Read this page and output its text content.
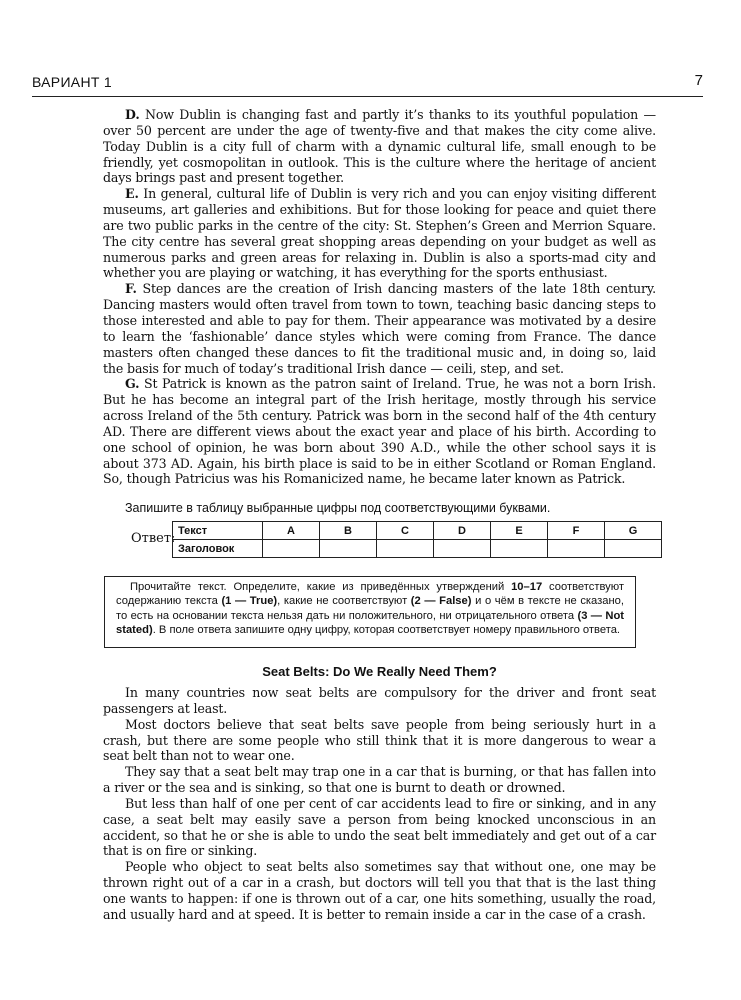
ВАРИАНТ 1	7

D. Now Dublin is changing fast and partly it’s thanks to its youthful population — over 50 percent are under the age of twenty-five and that makes the city come alive. Today Dublin is a city full of charm with a dynamic cultural life, small enough to be friendly, yet cosmopolitan in outlook. This is the culture where the heritage of ancient days brings past and present together.

E. In general, cultural life of Dublin is very rich and you can enjoy visiting different museums, art galleries and exhibitions. But for those looking for peace and quiet there are two public parks in the centre of the city: St. Stephen’s Green and Merrion Square. The city centre has several great shopping areas depending on your budget as well as numerous parks and green areas for relaxing in. Dublin is also a sports-mad city and whether you are playing or watching, it has everything for the sports enthusiast.

F. Step dances are the creation of Irish dancing masters of the late 18th century. Dancing masters would often travel from town to town, teaching basic dancing steps to those interested and able to pay for them. Their appearance was motivated by a desire to learn the ‘fashionable’ dance styles which were coming from France. The dance masters often changed these dances to fit the traditional music and, in doing so, laid the basis for much of today’s traditional Irish dance — ceili, step, and set.

G. St Patrick is known as the patron saint of Ireland. True, he was not a born Irish. But he has become an integral part of the Irish heritage, mostly through his service across Ireland of the 5th century. Patrick was born in the second half of the 4th century AD. There are different views about the exact year and place of his birth. According to one school of opinion, he was born about 390 A.D., while the other school says it is about 373 AD. Again, his birth place is said to be in either Scotland or Roman England. So, though Patricius was his Romanicized name, he became later known as Patrick.

Запишите в таблицу выбранные цифры под соответствующими буквами.
Ответ:
Текст	A	B	C	D	E	F	G
Заголовок							

Прочитайте текст. Определите, какие из приведённых утверждений 10–17 соответствуют содержанию текста (1 — True), какие не соответствуют (2 — False) и о чём в тексте не сказано, то есть на основании текста нельзя дать ни положительного, ни отрицательного ответа (3 — Not stated). В поле ответа запишите одну цифру, которая соответствует номеру правильного ответа.

Seat Belts: Do We Really Need Them?

In many countries now seat belts are compulsory for the driver and front seat passengers at least.

Most doctors believe that seat belts save people from being seriously hurt in a crash, but there are some people who still think that it is more dangerous to wear a seat belt than not to wear one.

They say that a seat belt may trap one in a car that is burning, or that has fallen into a river or the sea and is sinking, so that one is burnt to death or drowned.

But less than half of one per cent of car accidents lead to fire or sinking, and in any case, a seat belt may easily save a person from being knocked unconscious in an accident, so that he or she is able to undo the seat belt immediately and get out of a car that is on fire or sinking.

People who object to seat belts also sometimes say that without one, one may be thrown right out of a car in a crash, but doctors will tell you that that is the last thing one wants to happen: if one is thrown out of a car, one hits something, usually the road, and usually hard and at speed. It is better to remain inside a car in the case of a crash.
